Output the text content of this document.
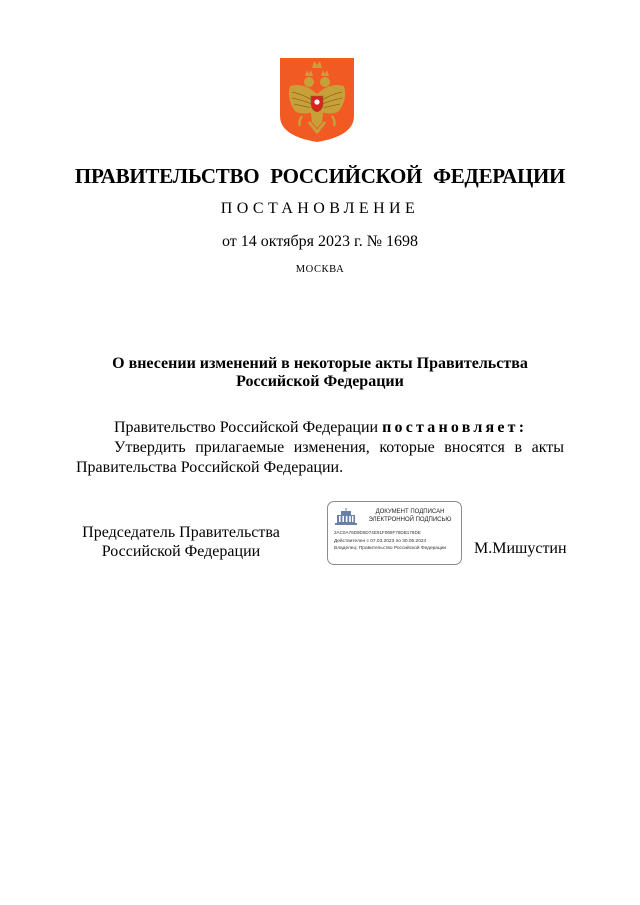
ПРАВИТЕЛЬСТВО РОССИЙСКОЙ ФЕДЕРАЦИИ
ПОСТАНОВЛЕНИЕ
от 14 октября 2023 г. № 1698
МОСКВА
О внесении изменений в некоторые акты Правительства
Российской Федерации

Правительство Российской Федерации постановляет:

Утвердить прилагаемые изменения, которые вносятся в акты Правительства Российской Федерации.

Председатель Правительства
Российской Федерации
ДОКУМЕНТ ПОДПИСАН
ЭЛЕКТРОННОЙ ПОДПИСЬЮ
2AC0A76D9D5D74E91F069F78DB178DE
Действителен с 07.03.2023 по 30.05.2024
Владелец: Правительство Российской Федерации	М.Мишустин
